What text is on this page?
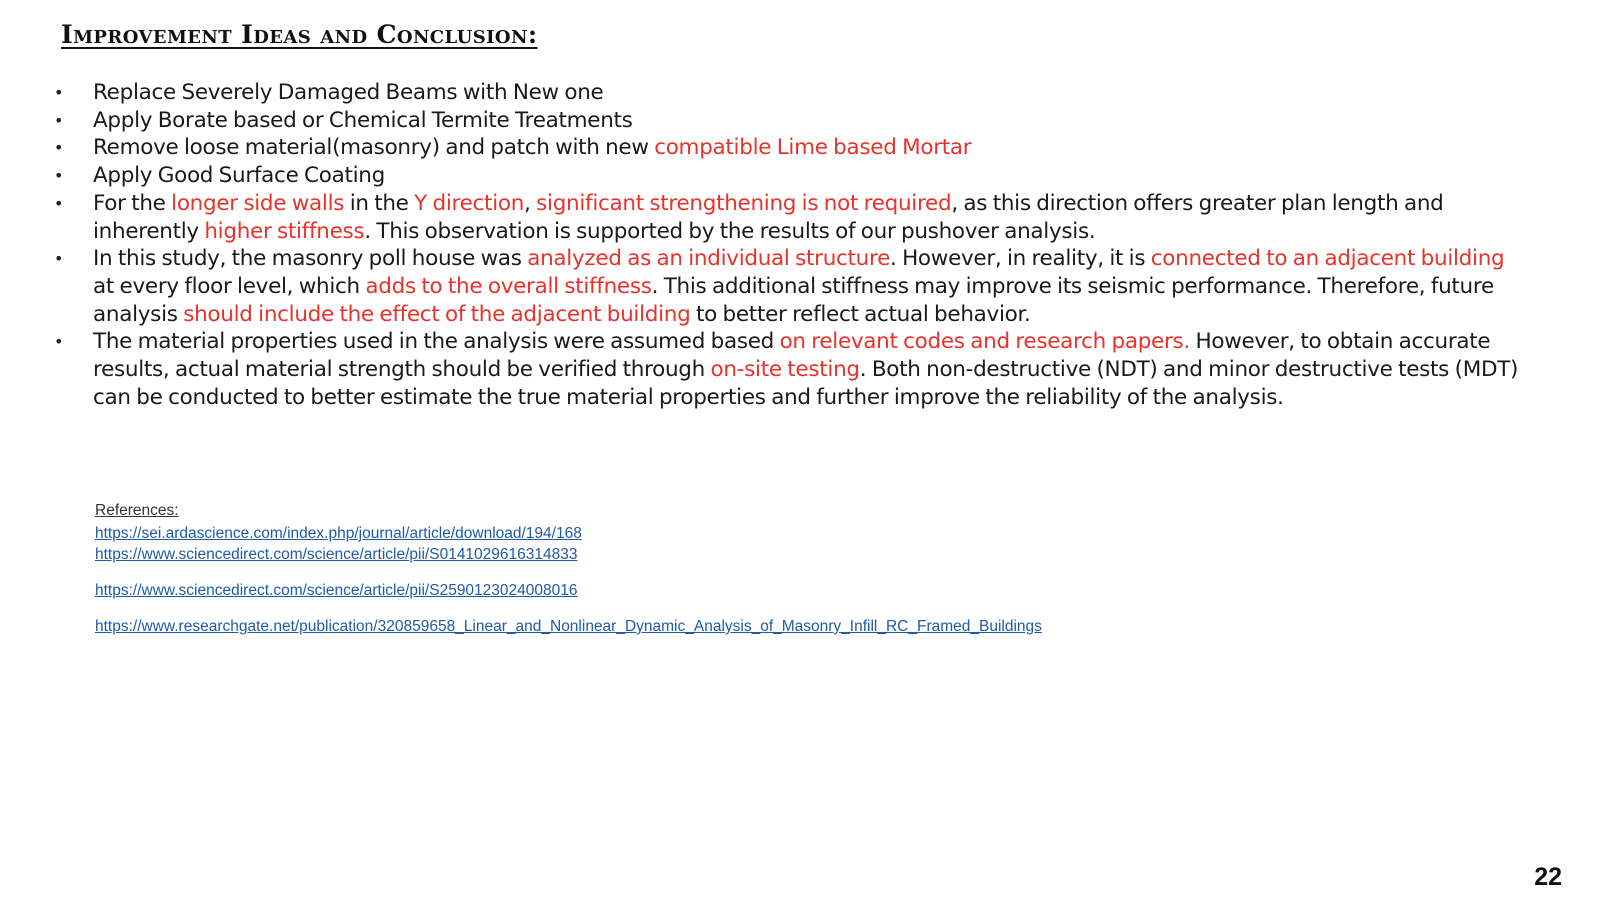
Improvement Ideas and Conclusion:
•	Replace Severely Damaged Beams with New one
•	Apply Borate based or Chemical Termite Treatments
•	Remove loose material(masonry) and patch with new compatible Lime based Mortar
•	Apply Good Surface Coating
•	For the longer side walls in the Y direction, significant strengthening is not required, as this direction offers greater plan length and inherently higher stiffness. This observation is supported by the results of our pushover analysis.
•	In this study, the masonry poll house was analyzed as an individual structure. However, in reality, it is connected to an adjacent building at every floor level, which adds to the overall stiffness. This additional stiffness may improve its seismic performance. Therefore, future analysis should include the effect of the adjacent building to better reflect actual behavior.
•	The material properties used in the analysis were assumed based on relevant codes and research papers. However, to obtain accurate results, actual material strength should be verified through on-site testing. Both non-destructive (NDT) and minor destructive tests (MDT) can be conducted to better estimate the true material properties and further improve the reliability of the analysis.
References:
https://sei.ardascience.com/index.php/journal/article/download/194/168
https://www.sciencedirect.com/science/article/pii/S0141029616314833
https://www.sciencedirect.com/science/article/pii/S2590123024008016
https://www.researchgate.net/publication/320859658_Linear_and_Nonlinear_Dynamic_Analysis_of_Masonry_Infill_RC_Framed_Buildings
22
